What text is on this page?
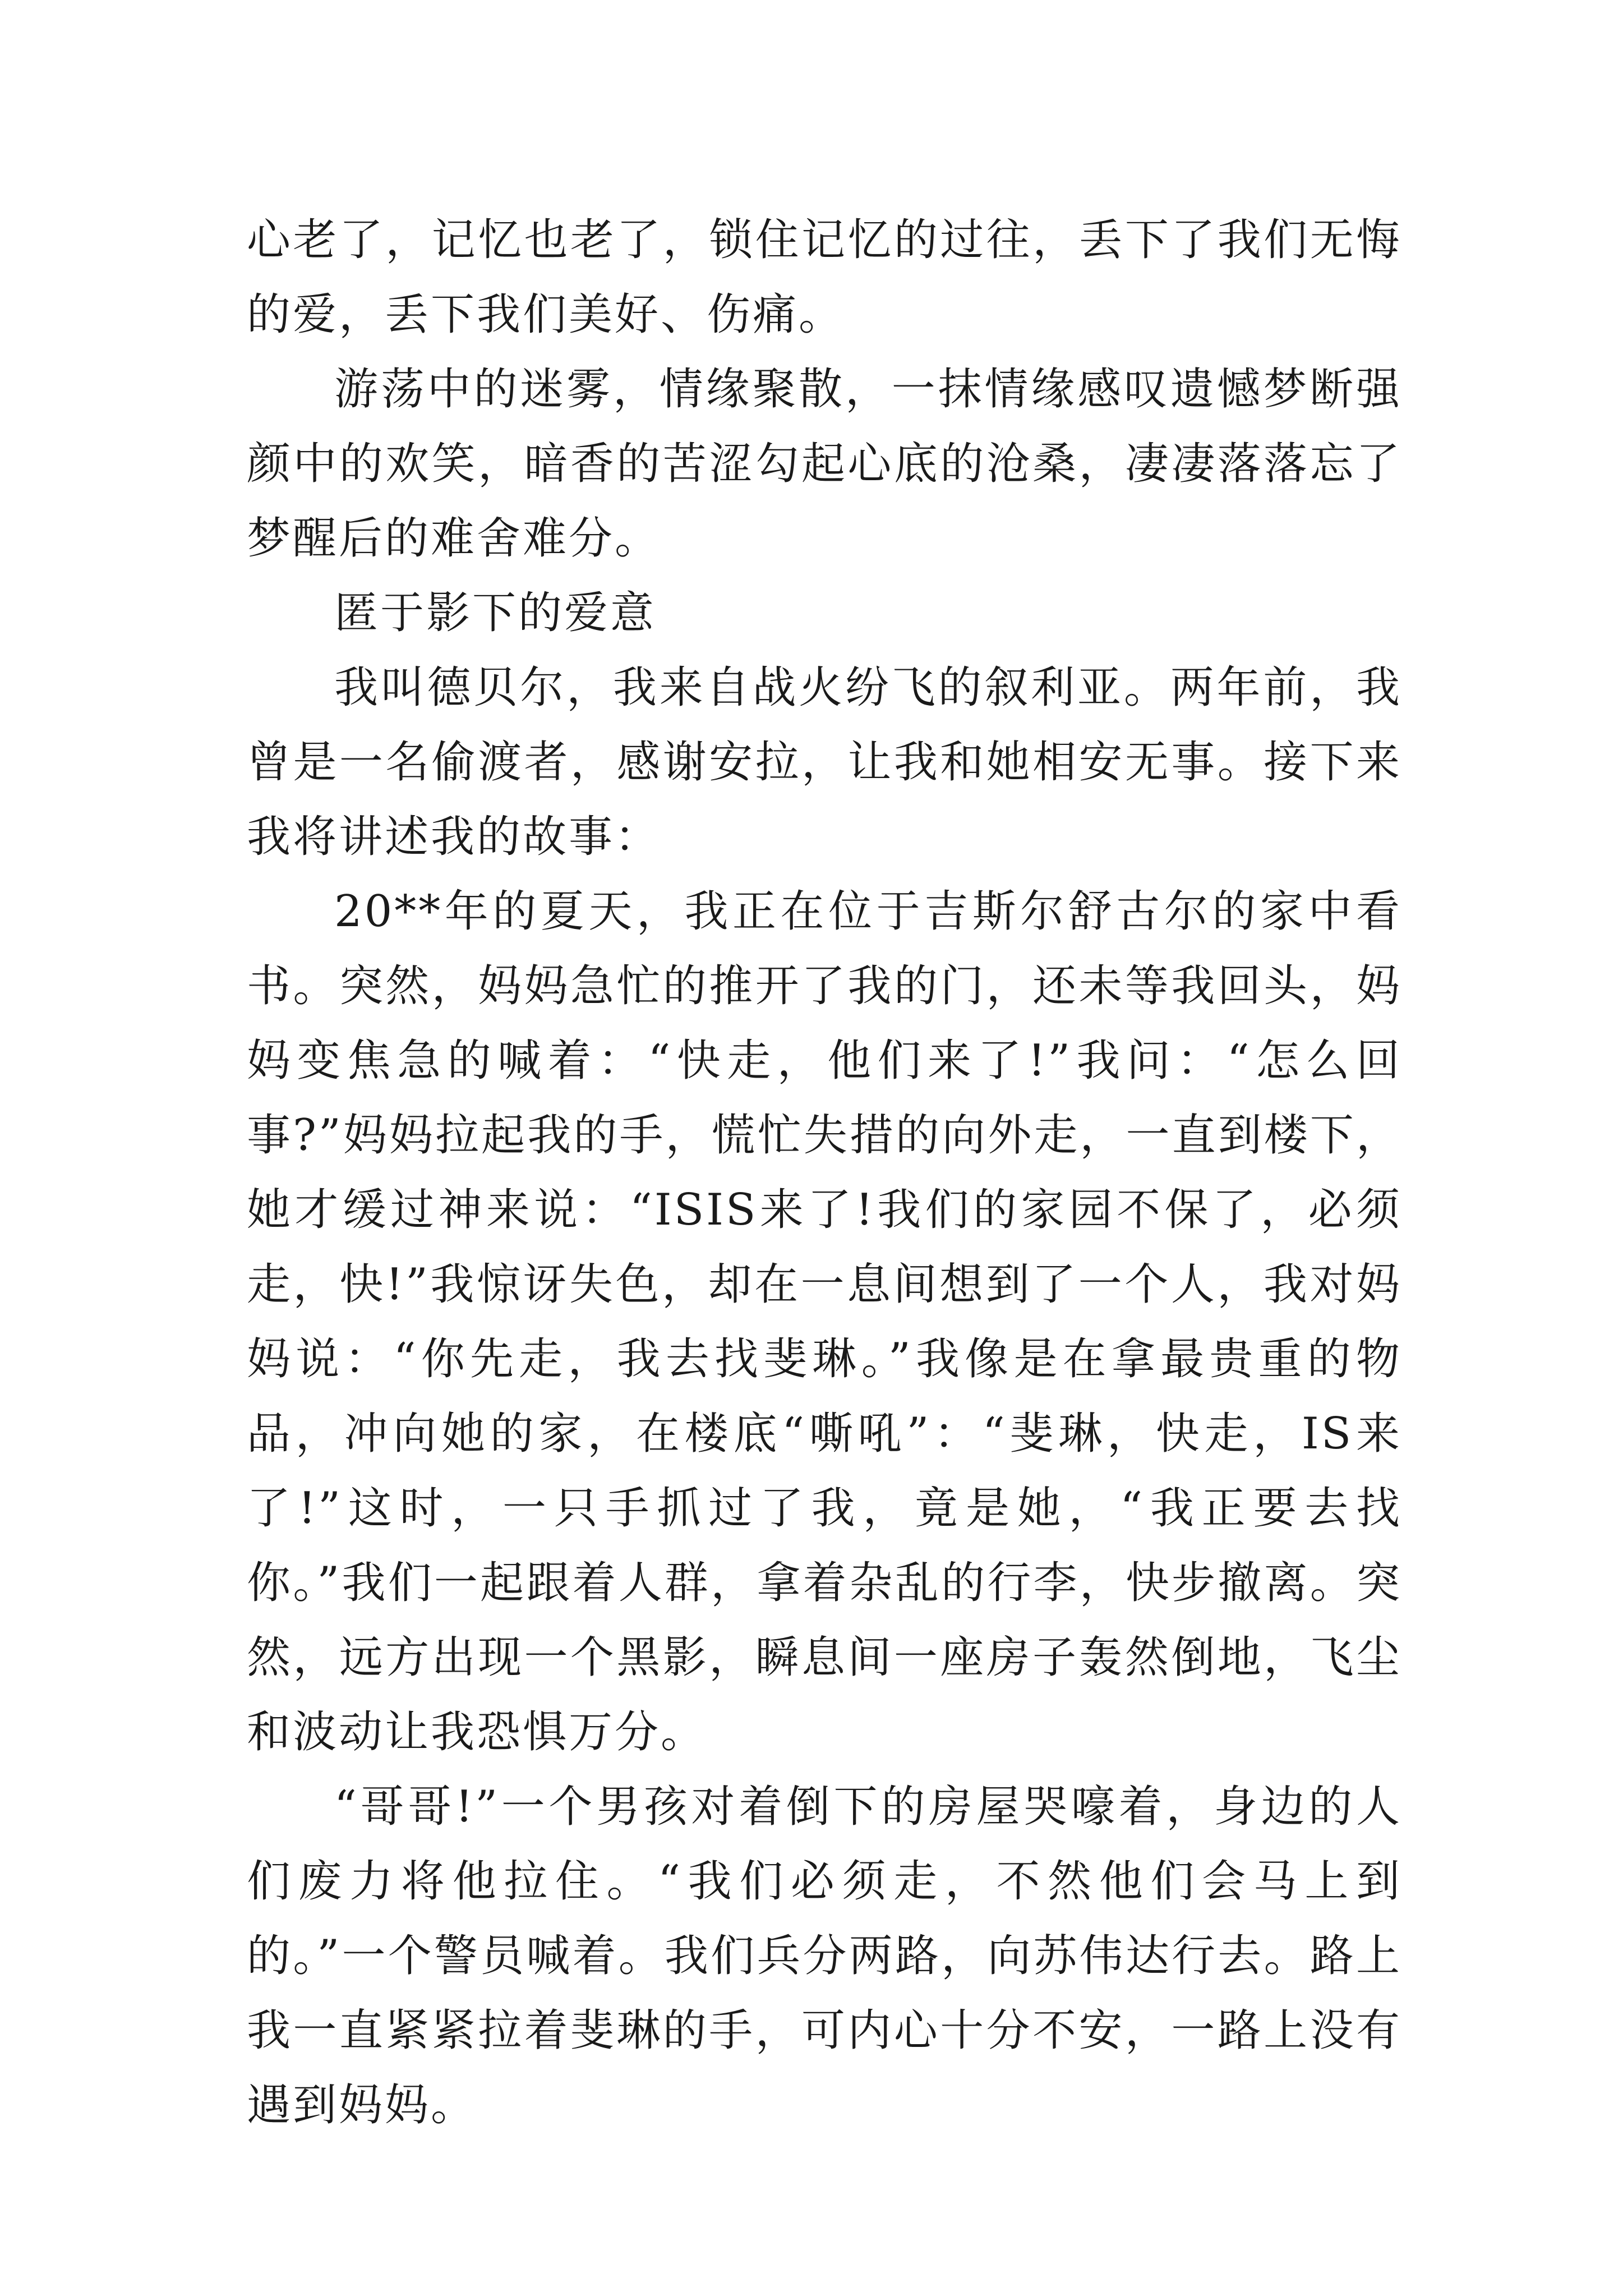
心老了，记忆也老了，锁住记忆的过往，丢下了我们无悔的爱，丢下我们美好、伤痛。

游荡中的迷雾，情缘聚散，一抹情缘感叹遗憾梦断强颜中的欢笑，暗香的苦涩勾起心底的沧桑，凄凄落落忘了梦醒后的难舍难分。

匿于影下的爱意

我叫德贝尔，我来自战火纷飞的叙利亚。两年前，我曾是一名偷渡者，感谢安拉，让我和她相安无事。接下来我将讲述我的故事：

20**年的夏天，我正在位于吉斯尔舒古尔的家中看书。突然，妈妈急忙的推开了我的门，还未等我回头，妈妈变焦急的喊着：“快走，他们来了!”我问：“怎么回事?”妈妈拉起我的手，慌忙失措的向外走，一直到楼下，她才缓过神来说：“ISIS来了!我们的家园不保了，必须走，快!”我惊讶失色，却在一息间想到了一个人，我对妈妈说：“你先走，我去找斐琳。”我像是在拿最贵重的物品，冲向她的家，在楼底“嘶吼”：“斐琳，快走，IS来了!”这时，一只手抓过了我，竟是她，“我正要去找你。”我们一起跟着人群，拿着杂乱的行李，快步撤离。突然，远方出现一个黑影，瞬息间一座房子轰然倒地，飞尘和波动让我恐惧万分。

“哥哥!”一个男孩对着倒下的房屋哭嚎着，身边的人们废力将他拉住。“我们必须走，不然他们会马上到的。”一个警员喊着。我们兵分两路，向苏伟达行去。路上我一直紧紧拉着斐琳的手，可内心十分不安，一路上没有遇到妈妈。
